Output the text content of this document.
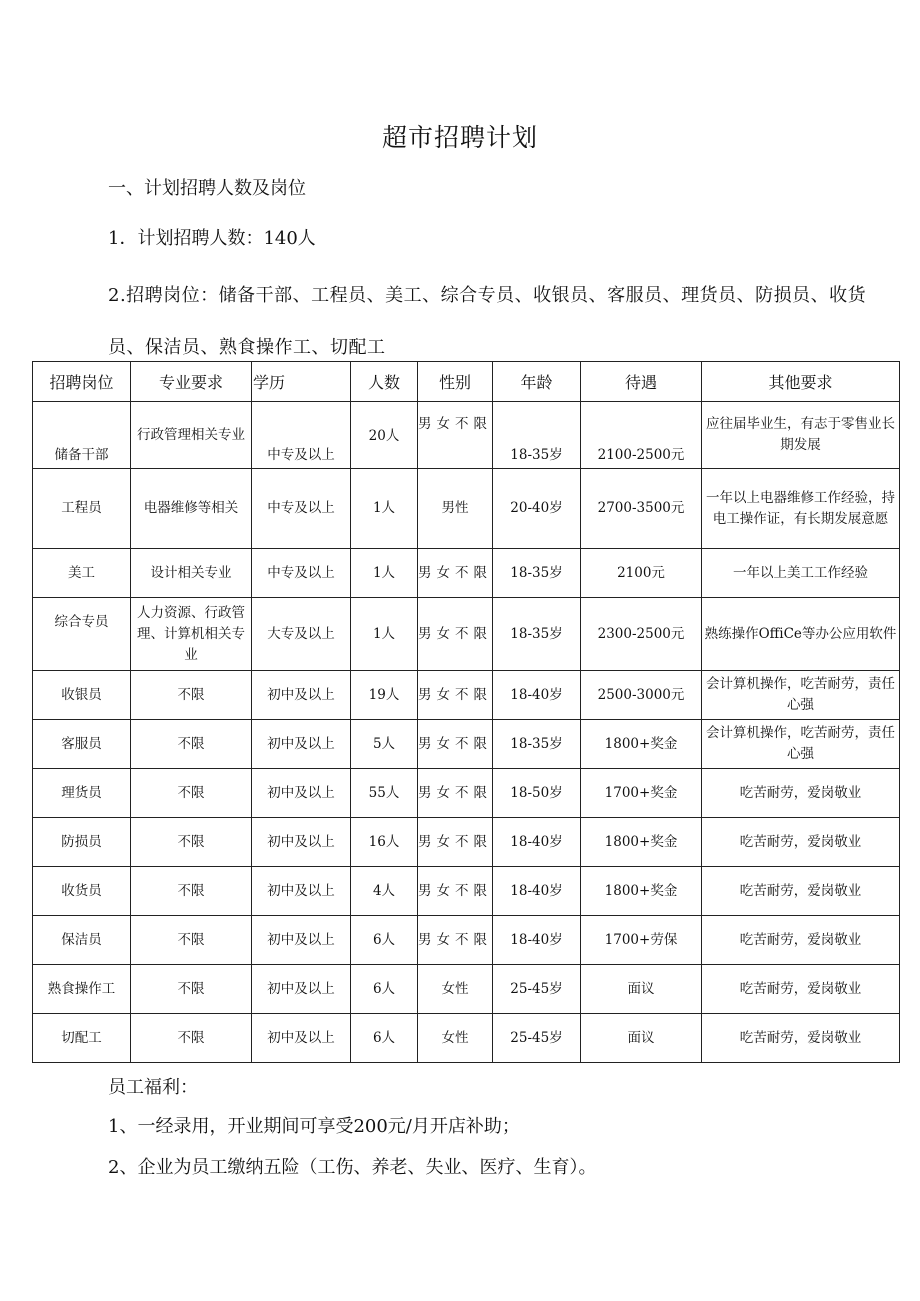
超市招聘计划
一、计划招聘人数及岗位
1．计划招聘人数：140人
2.招聘岗位：储备干部、工程员、美工、综合专员、收银员、客服员、理货员、防损员、收货员、保洁员、熟食操作工、切配工
招聘岗位	专业要求	学历	人数	性别	年龄	待遇	其他要求
储备干部	行政管理相关专业	中专及以上	20人	男女不限	18-35岁	2100-2500元	应往届毕业生，有志于零售业长期发展
工程员	电器维修等相关	中专及以上	1人	男性	20-40岁	2700-3500元	一年以上电器维修工作经验，持电工操作证，有长期发展意愿
美工	设计相关专业	中专及以上	1人	男女不限	18-35岁	2100元	一年以上美工工作经验
综合专员	人力资源、行政管理、计算机相关专业	大专及以上	1人	男女不限	18-35岁	2300-2500元	熟练操作OffiCe等办公应用软件
收银员	不限	初中及以上	19人	男女不限	18-40岁	2500-3000元	会计算机操作，吃苦耐劳，责任心强
客服员	不限	初中及以上	5人	男女不限	18-35岁	1800+奖金	会计算机操作，吃苦耐劳，责任心强
理货员	不限	初中及以上	55人	男女不限	18-50岁	1700+奖金	吃苦耐劳，爱岗敬业
防损员	不限	初中及以上	16人	男女不限	18-40岁	1800+奖金	吃苦耐劳，爱岗敬业
收货员	不限	初中及以上	4人	男女不限	18-40岁	1800+奖金	吃苦耐劳，爱岗敬业
保洁员	不限	初中及以上	6人	男女不限	18-40岁	1700+劳保	吃苦耐劳，爱岗敬业
熟食操作工	不限	初中及以上	6人	女性	25-45岁	面议	吃苦耐劳，爱岗敬业
切配工	不限	初中及以上	6人	女性	25-45岁	面议	吃苦耐劳，爱岗敬业
员工福利：
1、一经录用，开业期间可享受200元/月开店补助；
2、企业为员工缴纳五险（工伤、养老、失业、医疗、生育）。
